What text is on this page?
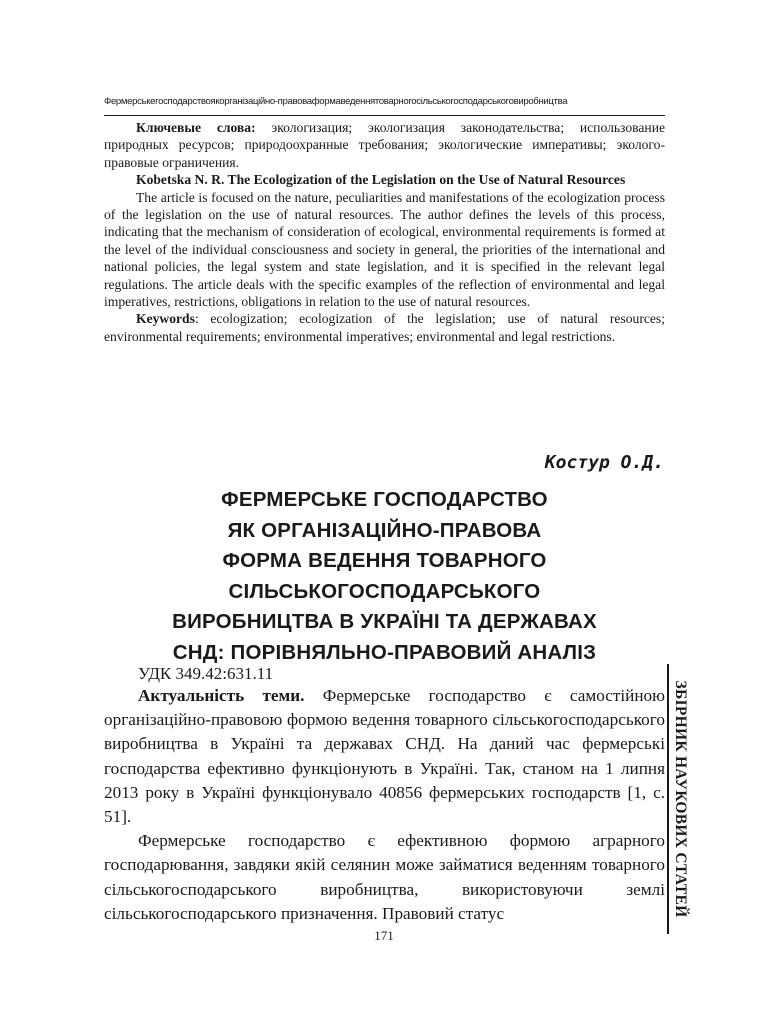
Фермерськегосподарствоякорганізаційно-правоваформаведеннятоварногосільськогосподарськоговиробництва

Ключевые слова: экологизация; экологизация законодательства; использование природных ресурсов; природоохранные требования; экологические императивы; эколого-правовые ограничения.

Kobetska N. R. The Ecologization of the Legislation on the Use of Natural Resources

The article is focused on the nature, peculiarities and manifestations of the ecologization process of the legislation on the use of natural resources. The author defines the levels of this process, indicating that the mechanism of consideration of ecological, environmental requirements is formed at the level of the individual consciousness and society in general, the priorities of the international and national policies, the legal system and state legislation, and it is specified in the relevant legal regulations. The article deals with the specific examples of the reflection of environmental and legal imperatives, restrictions, obligations in relation to the use of natural resources.

Keywords: ecologization; ecologization of the legislation; use of natural resources; environmental requirements; environmental imperatives; environmental and legal restrictions.

Костур О.Д.
ФЕРМЕРСЬКЕ ГОСПОДАРСТВО
ЯК ОРГАНІЗАЦІЙНО-ПРАВОВА
ФОРМА ВЕДЕННЯ ТОВАРНОГО
СІЛЬСЬКОГОСПОДАРСЬКОГО
ВИРОБНИЦТВА В УКРАЇНІ ТА ДЕРЖАВАХ
СНД: ПОРІВНЯЛЬНО-ПРАВОВИЙ АНАЛІЗ
УДК 349.42:631.11

Актуальність теми. Фермерське господарство є самостійною організаційно-правовою формою ведення товарного сільськогосподарського виробництва в Україні та державах СНД. На даний час фермерські господарства ефективно функціонують в Україні. Так, станом на 1 липня 2013 року в Україні функціонувало 40856 фермерських господарств [1, с. 51].

Фермерське господарство є ефективною формою аграрного господарювання, завдяки якій селянин може займатися веденням товарного сільськогосподарського виробництва, використовуючи землі сільськогосподарського призначення. Правовий статус	ЗБІРНИК НАУКОВИХ СТАТЕЙ
171
